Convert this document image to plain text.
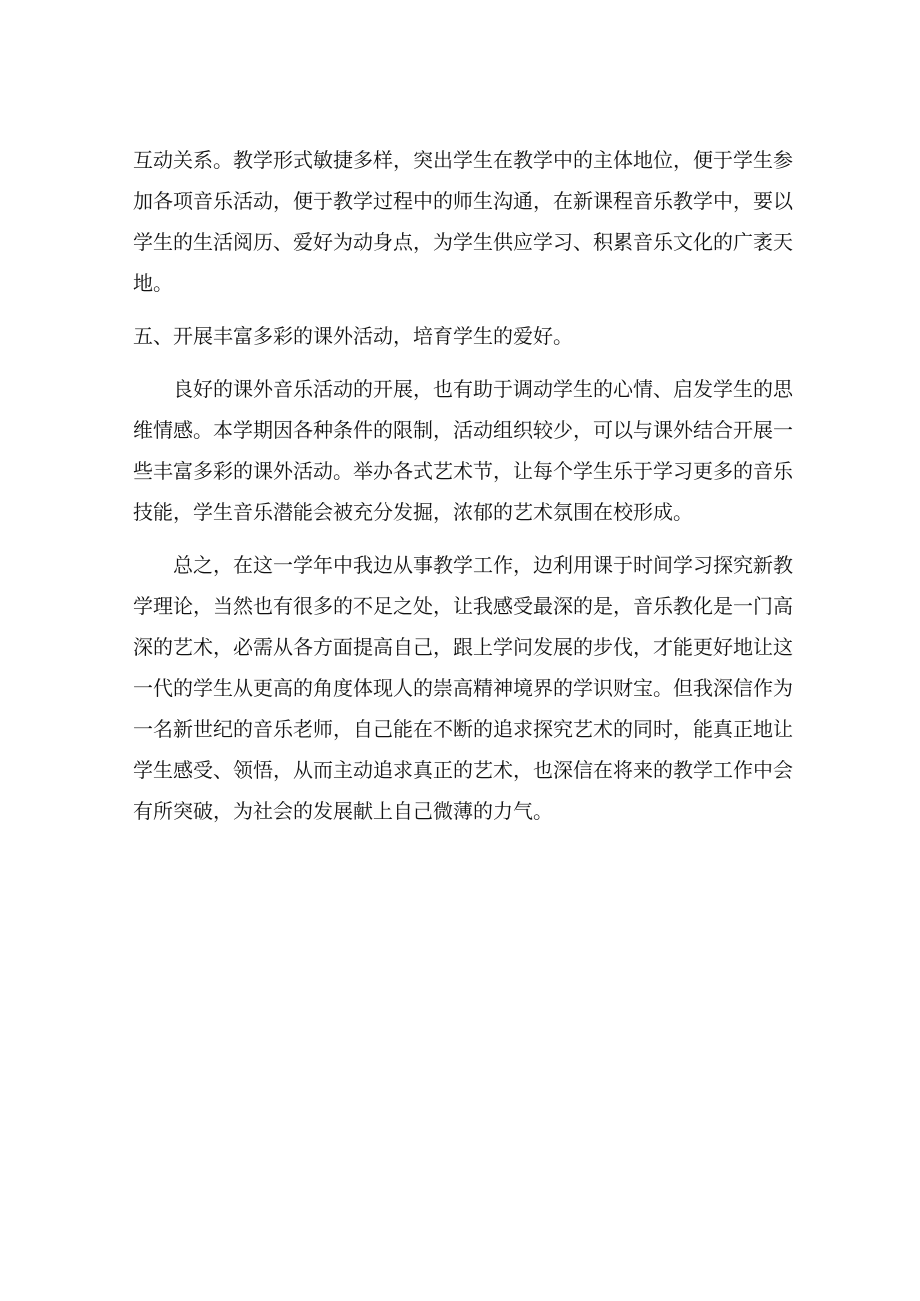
互动关系。教学形式敏捷多样，突出学生在教学中的主体地位，便于学生参加各项音乐活动，便于教学过程中的师生沟通，在新课程音乐教学中，要以学生的生活阅历、爱好为动身点，为学生供应学习、积累音乐文化的广袤天地。

五、开展丰富多彩的课外活动，培育学生的爱好。

良好的课外音乐活动的开展，也有助于调动学生的心情、启发学生的思维情感。本学期因各种条件的限制，活动组织较少，可以与课外结合开展一些丰富多彩的课外活动。举办各式艺术节，让每个学生乐于学习更多的音乐技能，学生音乐潜能会被充分发掘，浓郁的艺术氛围在校形成。

总之，在这一学年中我边从事教学工作，边利用课于时间学习探究新教学理论，当然也有很多的不足之处，让我感受最深的是，音乐教化是一门高深的艺术，必需从各方面提高自己，跟上学问发展的步伐，才能更好地让这一代的学生从更高的角度体现人的崇高精神境界的学识财宝。但我深信作为一名新世纪的音乐老师，自己能在不断的追求探究艺术的同时，能真正地让学生感受、领悟，从而主动追求真正的艺术，也深信在将来的教学工作中会有所突破，为社会的发展献上自己微薄的力气。
